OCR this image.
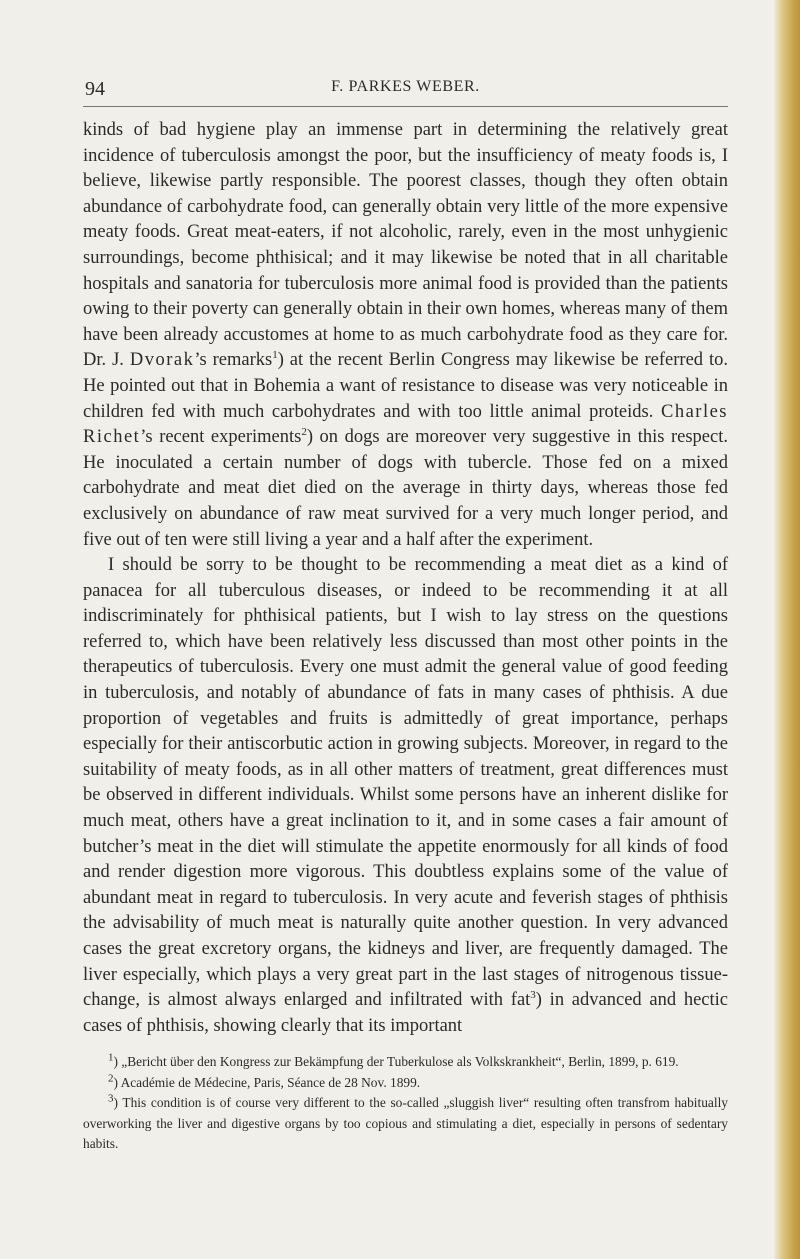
94	F. PARKES WEBER.

kinds of bad hygiene play an immense part in determining the relatively great incidence of tuberculosis amongst the poor, but the insufficiency of meaty foods is, I believe, likewise partly responsible. The poorest classes, though they often obtain abundance of carbohydrate food, can generally obtain very little of the more expensive meaty foods. Great meat-eaters, if not alcoholic, rarely, even in the most unhygienic surroundings, become phthisical; and it may likewise be noted that in all charitable hospitals and sanatoria for tuberculosis more animal food is provided than the patients owing to their poverty can generally obtain in their own homes, whereas many of them have been already accustomes at home to as much carbohydrate food as they care for. Dr. J. Dvorak’s remarks$^1$) at the recent Berlin Congress may likewise be referred to. He pointed out that in Bohemia a want of resistance to disease was very noticeable in children fed with much carbohydrates and with too little animal proteids. Charles Richet’s recent experiments$^2$) on dogs are moreover very suggestive in this respect. He inoculated a certain number of dogs with tubercle. Those fed on a mixed carbohydrate and meat diet died on the average in thirty days, whereas those fed exclusively on abundance of raw meat survived for a very much longer period, and five out of ten were still living a year and a half after the experiment.

I should be sorry to be thought to be recommending a meat diet as a kind of panacea for all tuberculous diseases, or indeed to be recommending it at all indiscriminately for phthisical patients, but I wish to lay stress on the questions referred to, which have been relatively less discussed than most other points in the therapeutics of tuberculosis. Every one must admit the general value of good feeding in tuberculosis, and notably of abundance of fats in many cases of phthisis. A due proportion of vegetables and fruits is admittedly of great importance, perhaps especially for their antiscorbutic action in growing subjects. Moreover, in regard to the suitability of meaty foods, as in all other matters of treatment, great differences must be observed in different individuals. Whilst some persons have an inherent dislike for much meat, others have a great inclination to it, and in some cases a fair amount of butcher’s meat in the diet will stimulate the appetite enormously for all kinds of food and render digestion more vigorous. This doubtless explains some of the value of abundant meat in regard to tuberculosis. In very acute and feverish stages of phthisis the advisability of much meat is naturally quite another question. In very advanced cases the great excretory organs, the kidneys and liver, are frequently damaged. The liver especially, which plays a very great part in the last stages of nitrogenous tissue-change, is almost always enlarged and infiltrated with fat$^3$) in advanced and hectic cases of phthisis, showing clearly that its important

$^1$) „Bericht über den Kongress zur Bekämpfung der Tuberkulose als Volkskrankheit“, Berlin, 1899, p. 619.

$^2$) Académie de Médecine, Paris, Séance de 28 Nov. 1899.

$^3$) This condition is of course very different to the so-called „sluggish liver“ resulting often transfrom habitually overworking the liver and digestive organs by too copious and stimulating a diet, especially in persons of sedentary habits.
